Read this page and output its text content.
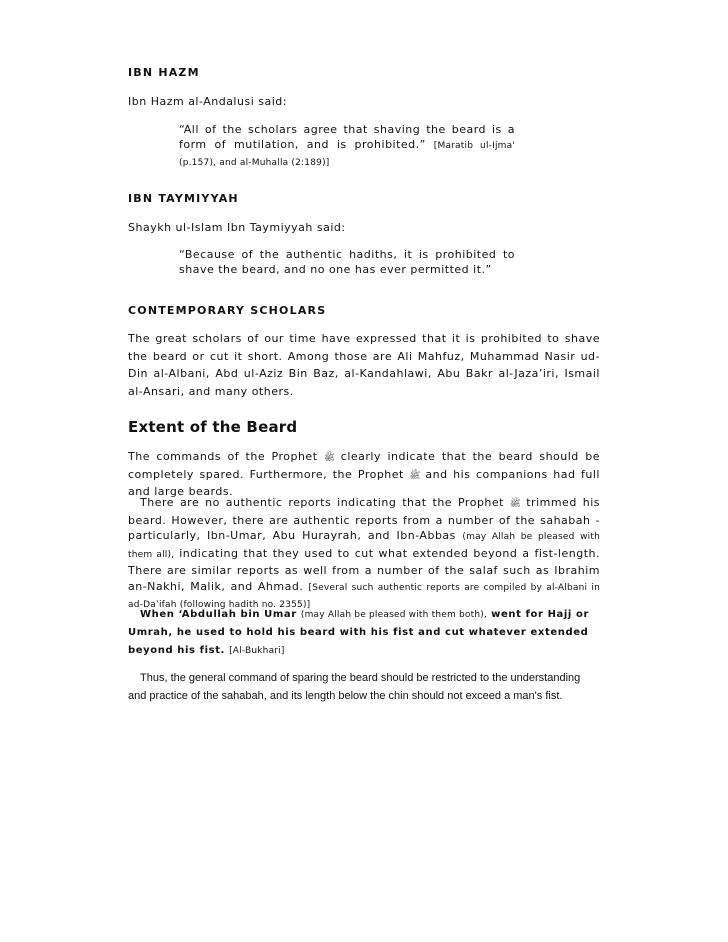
IBN HAZM
Ibn Hazm al-Andalusi said:
“All of the scholars agree that shaving the beard is a form of mutilation, and is prohibited.” [Maratib ul-Ijma' (p.157), and al-Muhalla (2:189)]
IBN TAYMIYYAH
Shaykh ul-Islam Ibn Taymiyyah said:
“Because of the authentic hadiths, it is prohibited to shave the beard, and no one has ever permitted it.”
CONTEMPORARY SCHOLARS
The great scholars of our time have expressed that it is prohibited to shave the beard or cut it short. Among those are Ali Mahfuz, Muhammad Nasir ud-Din al-Albani, Abd ul-Aziz Bin Baz, al-Kandahlawi, Abu Bakr al-Jaza’iri, Ismail al-Ansari, and many others.
Extent of the Beard
The commands of the Prophet ﷺ clearly indicate that the beard should be completely spared. Furthermore, the Prophet ﷺ and his companions had full and large beards.
There are no authentic reports indicating that the Prophet ﷺ trimmed his beard. However, there are authentic reports from a number of the sahabah - particularly, Ibn-Umar, Abu Hurayrah, and Ibn-Abbas (may Allah be pleased with them all), indicating that they used to cut what extended beyond a fist-length. There are similar reports as well from a number of the salaf such as Ibrahim an-Nakhi, Malik, and Ahmad. [Several such authentic reports are compiled by al-Albani in ad-Da’ifah (following hadith no. 2355)]
When ‘Abdullah bin Umar (may Allah be pleased with them both), went for Hajj or Umrah, he used to hold his beard with his fist and cut whatever extended beyond his fist. [Al-Bukhari]
Thus, the general command of sparing the beard should be restricted to the understanding and practice of the sahabah, and its length below the chin should not exceed a man's fist.
